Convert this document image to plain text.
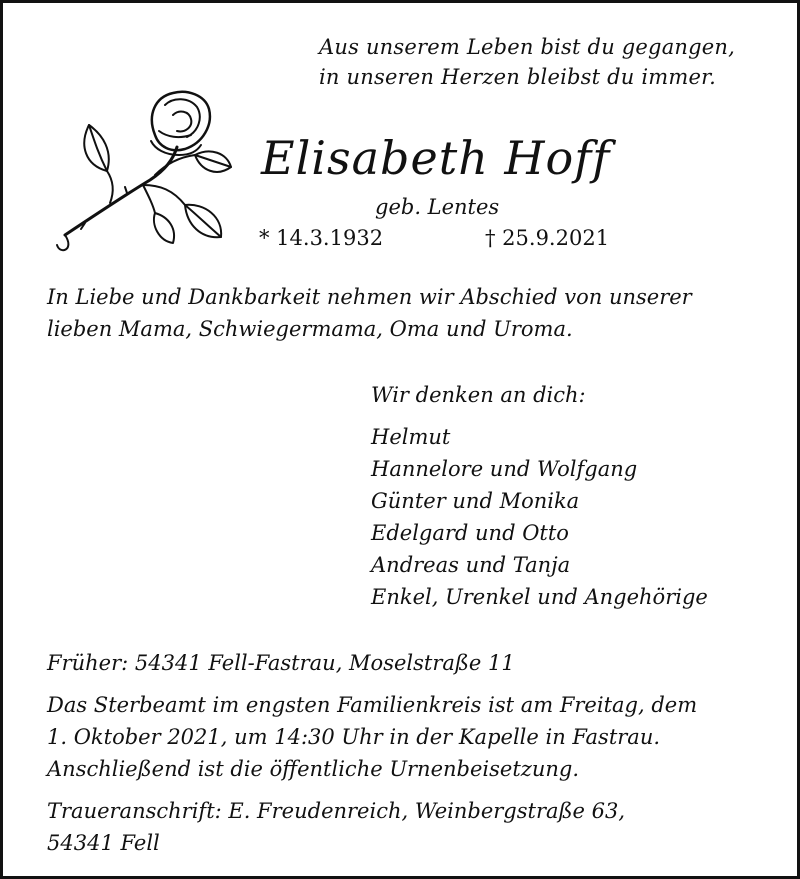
Aus unserem Leben bist du gegangen,
in unseren Herzen bleibst du immer.
Elisabeth Hoff
geb. Lentes
* 14.3.1932	† 25.9.2021
In Liebe und Dankbarkeit nehmen wir Abschied von unserer
lieben Mama, Schwiegermama, Oma und Uroma.
Wir denken an dich:
Helmut
Hannelore und Wolfgang
Günter und Monika
Edelgard und Otto
Andreas und Tanja
Enkel, Urenkel und Angehörige
Früher: 54341 Fell-Fastrau, Moselstraße 11
Das Sterbeamt im engsten Familienkreis ist am Freitag, dem
1. Oktober 2021, um 14:30 Uhr in der Kapelle in Fastrau.
Anschließend ist die öffentliche Urnenbeisetzung.
Traueranschrift: E. Freudenreich, Weinbergstraße 63,
54341 Fell
